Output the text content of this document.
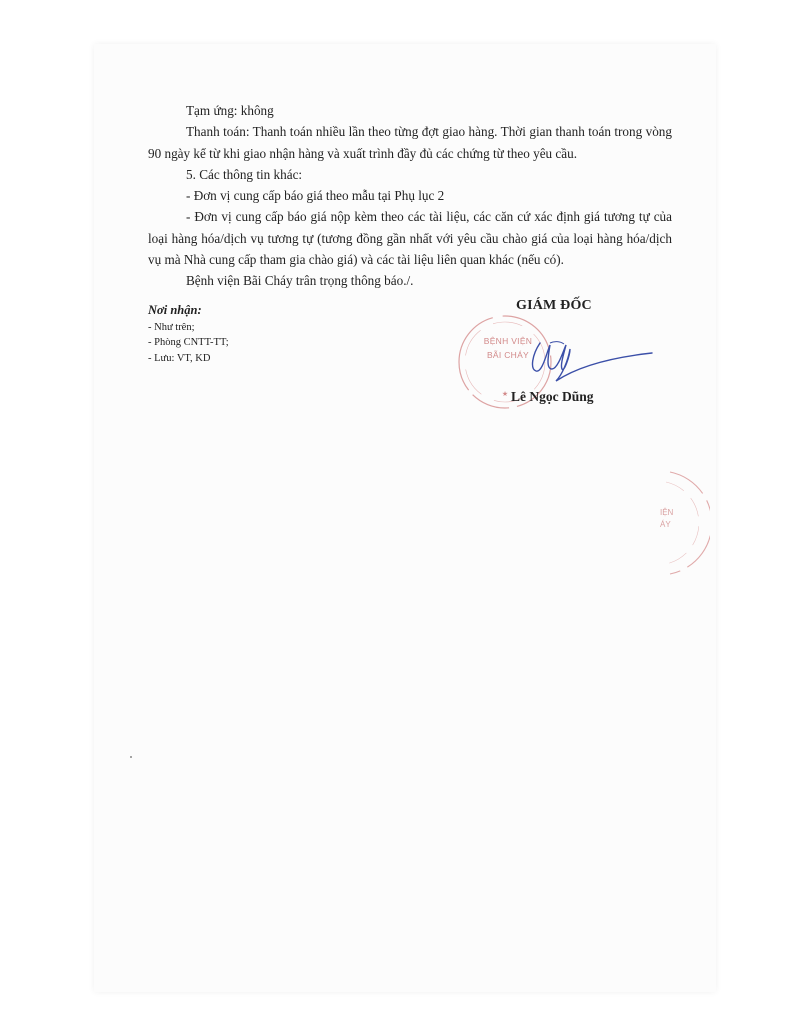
Tạm ứng: không

Thanh toán: Thanh toán nhiều lần theo từng đợt giao hàng. Thời gian thanh toán trong vòng 90 ngày kể từ khi giao nhận hàng và xuất trình đầy đủ các chứng từ theo yêu cầu.

5. Các thông tin khác:

- Đơn vị cung cấp báo giá theo mẫu tại Phụ lục 2

- Đơn vị cung cấp báo giá nộp kèm theo các tài liệu, các căn cứ xác định giá tương tự của loại hàng hóa/dịch vụ tương tự (tương đồng gần nhất với yêu cầu chào giá của loại hàng hóa/dịch vụ mà Nhà cung cấp tham gia chào giá) và các tài liệu liên quan khác (nếu có).

Bệnh viện Bãi Cháy trân trọng thông báo./.

Nơi nhận:
- Như trên;
- Phòng CNTT-TT;
- Lưu: VT, KD
★
BỆNH VIỆN
BÃI CHÁY
GIÁM ĐỐC
Lê Ngọc Dũng
IỆN
ÁY
